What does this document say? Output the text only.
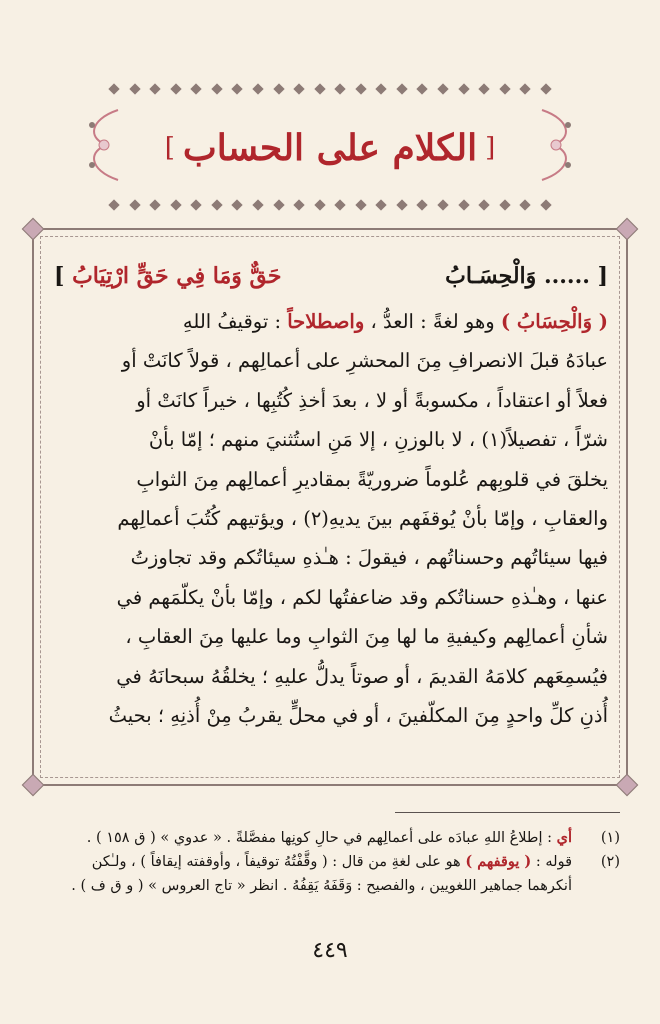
[
الكلام على الحساب
]
[ ...... وَالْحِسَـابُ
حَقٌّ وَمَا فِي حَقٍّ ارْتِيَابُ ]
( وَالْحِسَابُ ) وهو لغةً : العدُّ ، واصطلاحاً : توقيفُ اللهِ
عبادَهُ قبلَ الانصرافِ مِنَ المحشرِ على أعمالِهم ، قولاً كانَتْ أو
فعلاً أو اعتقاداً ، مكسوبةً أو لا ، بعدَ أخذِ كُتُبِها ، خيراً كانَتْ أو
شرّاً ، تفصيلاً(١) ، لا بالوزنِ ، إلا مَنِ استُثنيَ منهم ؛ إمّا بأنْ
يخلقَ في قلوبِهم عُلوماً ضروريّةً بمقاديرِ أعمالِهم مِنَ الثوابِ
والعقابِ ، وإمّا بأنْ يُوقفَهم بينَ يديهِ(٢) ، ويؤتيهم كُتُبَ أعمالِهم
فيها سيئاتُهم وحسناتُهم ، فيقولَ : هـٰذهِ سيئاتُكم وقد تجاوزتُ
عنها ، وهـٰذهِ حسناتُكم وقد ضاعفتُها لكم ، وإمّا بأنْ يكلّمَهم في
شأنِ أعمالِهم وكيفيةِ ما لها مِنَ الثوابِ وما عليها مِنَ العقابِ ،
فيُسمِعَهم كلامَهُ القديمَ ، أو صوتاً يدلُّ عليهِ ؛ يخلقُهُ سبحانَهُ في
أُذنِ كلِّ واحدٍ مِنَ المكلّفينَ ، أو في محلٍّ يقربُ مِنْ أُذنِهِ ؛ بحيثُ
(١)أي : إطلاعُ اللهِ عبادَه على أعمالِهم في حالِ كونِها مفصَّلةً . « عدوي » ( ق ١٥٨ ) .
(٢)قوله : ( يوقفهم ) هو على لغةِ من قال : ( وقَّفْتُهُ توقيفاً ، وأوقفته إيقافاً ) ، ولـٰكن
أنكرهما جماهير اللغويين ، والفصيح : وَقَفَهُ يَقِفُهُ . انظر « تاج العروس » ( و ق ف ) .
٤٤٩
